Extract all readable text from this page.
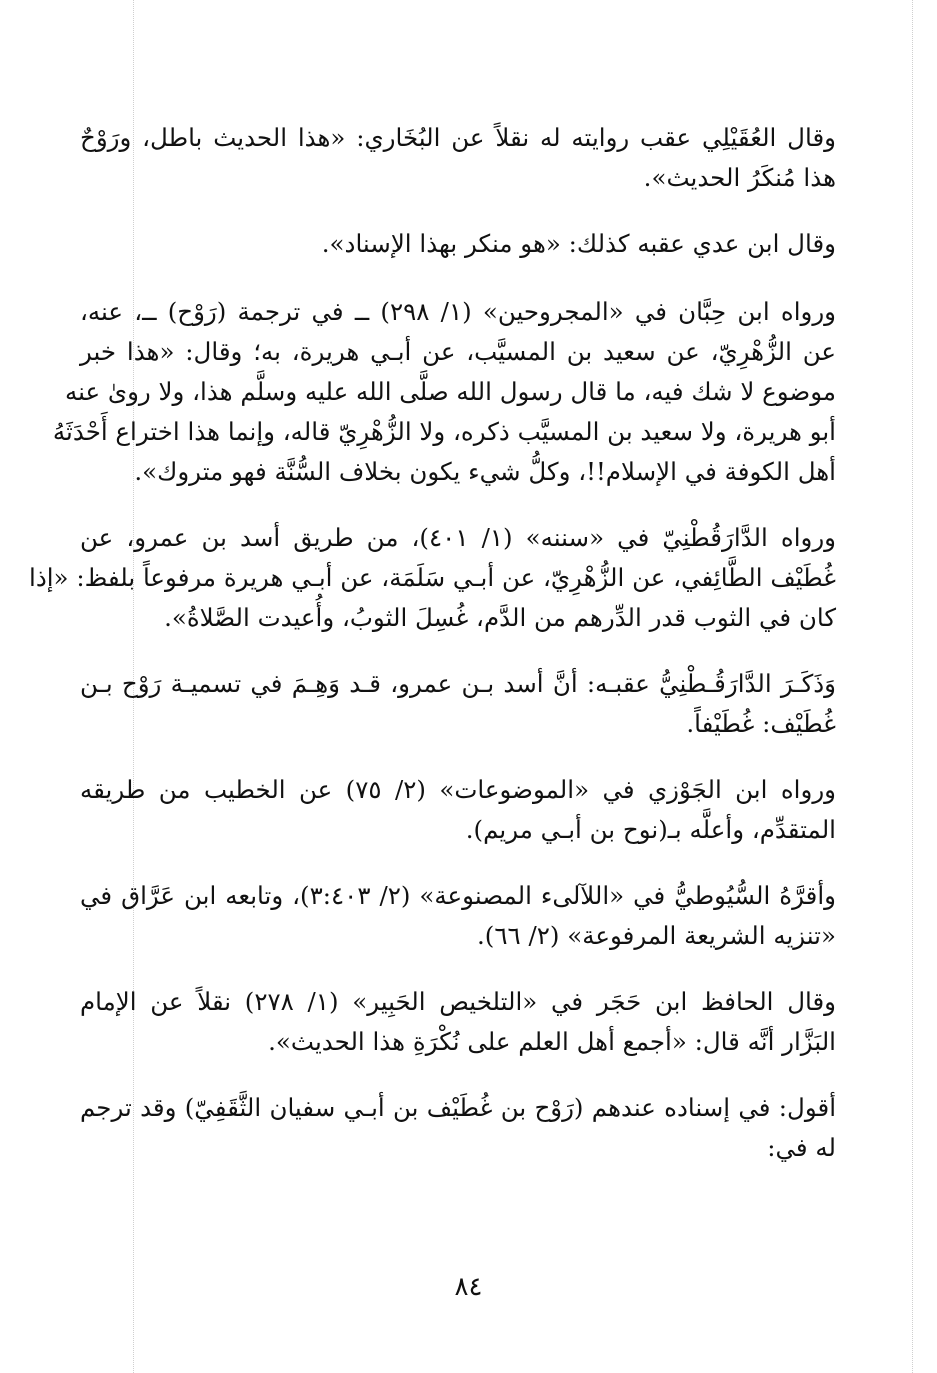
وقال العُقَيْلِي عقب روايته له نقلاً عن البُخَاري: «هذا الحديث باطل، ورَوْحٌ
هذا مُنكَرُ الحديث».
وقال ابن عدي عقبه كذلك: «هو منكر بهذا الإسناد».
ورواه ابن حِبَّان في «المجروحين» (١/ ٢٩٨) ــ في ترجمة (رَوْح) ــ، عنه،
عن الزُّهْرِيّ، عن سعيد بن المسيَّب، عن أبـي هريرة، به؛ وقال: «هذا خبر
موضوع لا شك فيه، ما قال رسول الله صلَّى الله عليه وسلَّم هذا، ولا روىٰ عنه
أبو هريرة، ولا سعيد بن المسيَّب ذكره، ولا الزُّهْرِيّ قاله، وإنما هذا اختراع أَحْدَثَهُ
أهل الكوفة في الإسلام!!، وكلُّ شيء يكون بخلاف السُّنَّة فهو متروك».
ورواه الدَّارَقُطْنِيّ في «سننه» (١/ ٤٠١)، من طريق أسد بن عمرو، عن
غُطَيْف الطَّائِفي، عن الزُّهْرِيّ، عن أبـي سَلَمَة، عن أبـي هريرة مرفوعاً بلفظ: «إذا
كان في الثوب قدر الدِّرهم من الدَّم، غُسِلَ الثوبُ، وأُعيدت الصَّلاةُ».
وَذَكَـرَ الدَّارَقُـطْنِيُّ عقبـه: أنَّ أسد بـن عمرو، قـد وَهِـمَ في تسميـة رَوْح بـن
غُطَيْف: غُطَيْفاً.
ورواه ابن الجَوْزي في «الموضوعات» (٢/ ٧٥) عن الخطيب من طريقه
المتقدِّم، وأعلَّه بـ(نوح بن أبـي مريم).
وأقرَّهُ السُّيُوطيُّ في «اللآلىء المصنوعة» (٢/ ٣:٤٠٣)، وتابعه ابن عَرَّاق في
«تنزيه الشريعة المرفوعة» (٢/ ٦٦).
وقال الحافظ ابن حَجَر في «التلخيص الحَبِير» (١/ ٢٧٨) نقلاً عن الإمام
البَزَّار أنَّه قال: «أجمع أهل العلم على نُكْرَةِ هذا الحديث».
أقول: في إسناده عندهم (رَوْح بن غُطَيْف بن أبـي سفيان الثَّقَفِيّ) وقد ترجم
له في:
٨٤
